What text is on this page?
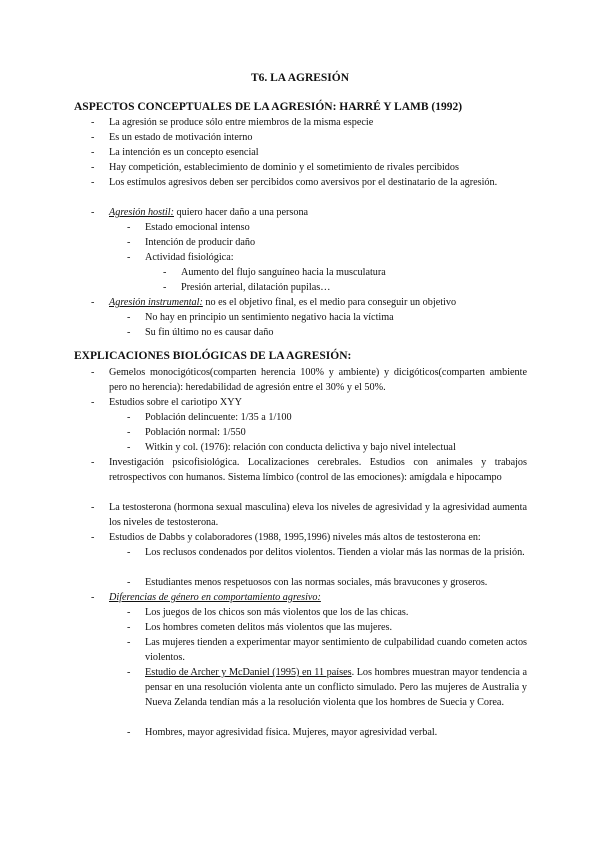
T6. LA AGRESIÓN
ASPECTOS CONCEPTUALES DE LA AGRESIÓN: HARRÉ Y LAMB (1992)
- La agresión se produce sólo entre miembros de la misma especie
- Es un estado de motivación interno
- La intención es un concepto esencial
- Hay competición, establecimiento de dominio y el sometimiento de rivales percibidos
- Los estímulos agresivos deben ser percibidos como aversivos por el destinatario de la agresión.
- Agresión hostil: quiero hacer daño a una persona
- Estado emocional intenso
- Intención de producir daño
- Actividad fisiológica:
- Aumento del flujo sanguíneo hacia la musculatura
- Presión arterial, dilatación pupilas…
- Agresión instrumental: no es el objetivo final, es el medio para conseguir un objetivo
- No hay en principio un sentimiento negativo hacia la víctima
- Su fin último no es causar daño
EXPLICACIONES BIOLÓGICAS DE LA AGRESIÓN:
- Gemelos monocigóticos(comparten herencia 100% y ambiente) y dicigóticos(comparten ambiente pero no herencia): heredabilidad de agresión entre el 30% y el 50%.
- Estudios sobre el cariotipo XYY
- Población delincuente: 1/35 a 1/100
- Población normal: 1/550
- Witkin y col. (1976): relación con conducta delictiva y bajo nivel intelectual
- Investigación psicofisiológica. Localizaciones cerebrales. Estudios con animales y trabajos retrospectivos con humanos. Sistema límbico (control de las emociones): amígdala e hipocampo
- La testosterona (hormona sexual masculina) eleva los niveles de agresividad y la agresividad aumenta los niveles de testosterona.
- Estudios de Dabbs y colaboradores (1988, 1995,1996) niveles más altos de testosterona en:
- Los reclusos condenados por delitos violentos. Tienden a violar más las normas de la prisión.
- Estudiantes menos respetuosos con las normas sociales, más bravucones y groseros.
- Diferencias de género en comportamiento agresivo:
- Los juegos de los chicos son más violentos que los de las chicas.
- Los hombres cometen delitos más violentos que las mujeres.
- Las mujeres tienden a experimentar mayor sentimiento de culpabilidad cuando cometen actos violentos.
- Estudio de Archer y McDaniel (1995) en 11 países. Los hombres muestran mayor tendencia a pensar en una resolución violenta ante un conflicto simulado. Pero las mujeres de Australia y Nueva Zelanda tendían más a la resolución violenta que los hombres de Suecia y Corea.
- Hombres, mayor agresividad física. Mujeres, mayor agresividad verbal.
